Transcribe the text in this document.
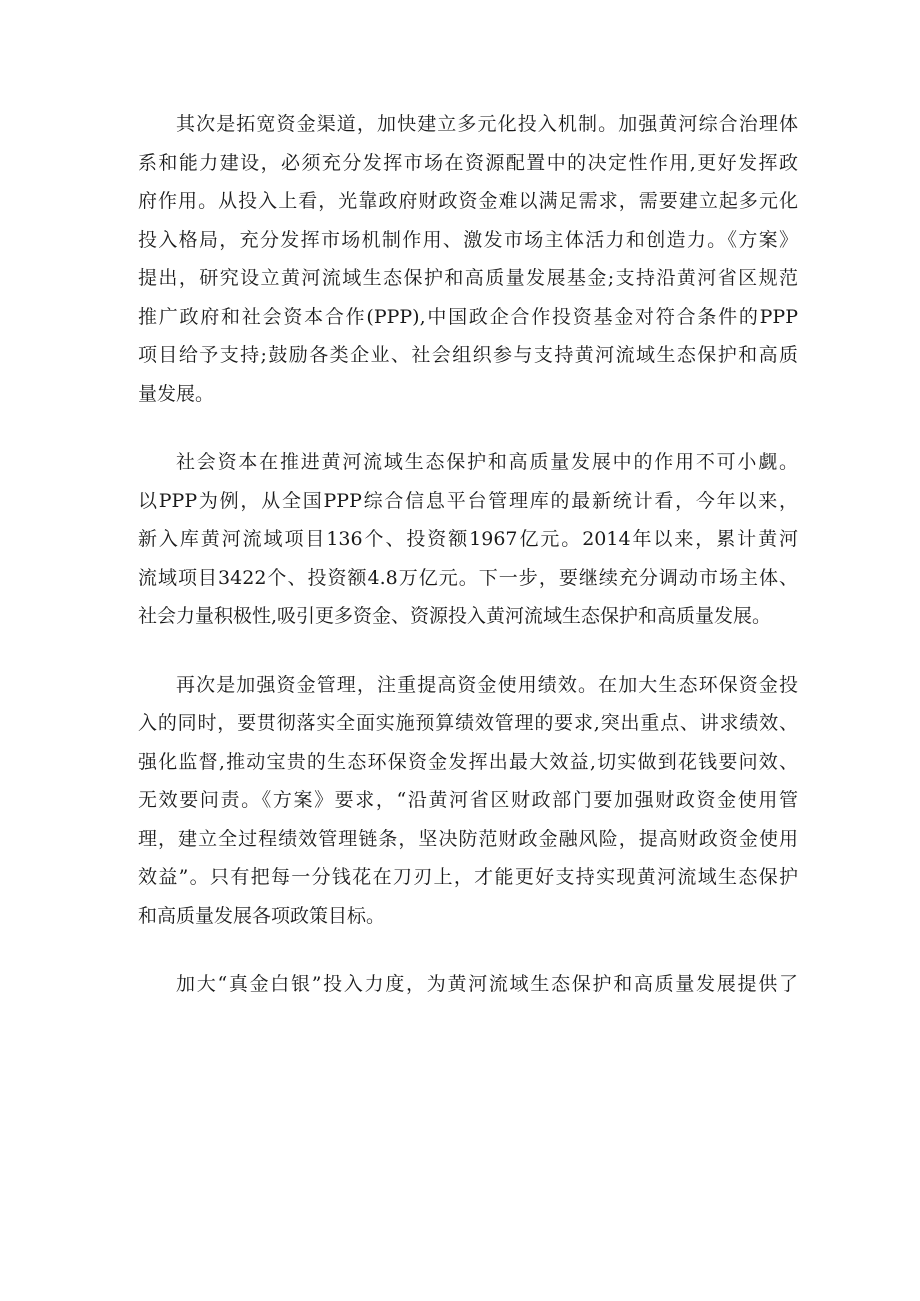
其次是拓宽资金渠道，加快建立多元化投入机制。加强黄河综合治理体
系和能力建设，必须充分发挥市场在资源配置中的决定性作用,更好发挥政
府作用。从投入上看，光靠政府财政资金难以满足需求，需要建立起多元化
投入格局，充分发挥市场机制作用、激发市场主体活力和创造力。《方案》
提出，研究设立黄河流域生态保护和高质量发展基金;支持沿黄河省区规范
推广政府和社会资本合作(PPP),中国政企合作投资基金对符合条件的PPP
项目给予支持;鼓励各类企业、社会组织参与支持黄河流域生态保护和高质
量发展。
社会资本在推进黄河流域生态保护和高质量发展中的作用不可小觑。
以PPP为例，从全国PPP综合信息平台管理库的最新统计看，今年以来，
新入库黄河流域项目136个、投资额1967亿元。2014年以来，累计黄河
流域项目3422个、投资额4.8万亿元。下一步，要继续充分调动市场主体、
社会力量积极性,吸引更多资金、资源投入黄河流域生态保护和高质量发展。
再次是加强资金管理，注重提高资金使用绩效。在加大生态环保资金投
入的同时，要贯彻落实全面实施预算绩效管理的要求,突出重点、讲求绩效、
强化监督,推动宝贵的生态环保资金发挥出最大效益,切实做到花钱要问效、
无效要问责。《方案》要求，“沿黄河省区财政部门要加强财政资金使用管
理，建立全过程绩效管理链条，坚决防范财政金融风险，提高财政资金使用
效益”。只有把每一分钱花在刀刃上，才能更好支持实现黄河流域生态保护
和高质量发展各项政策目标。
加大“真金白银”投入力度，为黄河流域生态保护和高质量发展提供了
